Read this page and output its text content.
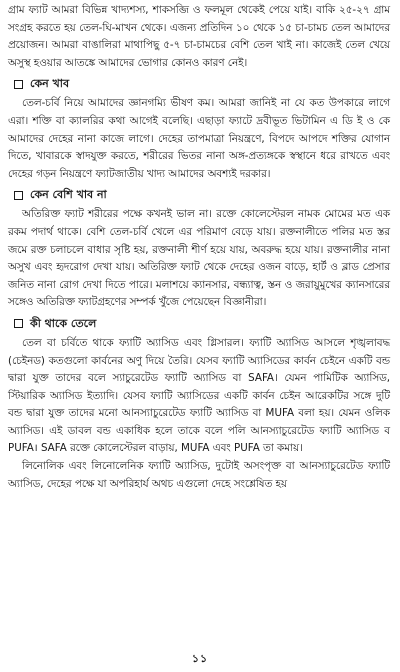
গ্রাম ফ্যাট আমরা বিভিন্ন খাদ্যশস্য, শাকসব্জি ও ফলমূল থেকেই পেয়ে যাই। বাকি ২৫-২৭ গ্রাম সংগ্রহ করতে হয় তেল-ঘি-মাখন থেকে। এজন্য প্রতিদিন ১০ থেকে ১৫ চা-চামচ তেল আমাদের প্রয়োজন। আমরা বাঙালিরা মাথাপিছু ৫-৭ চা-চামচের বেশি তেল খাই না। কাজেই তেল খেয়ে অসুস্থ হওয়ার আতঙ্কে আমাদের ভোগার কোনও কারণ নেই।

কেন খাব

তেল-চর্বি নিয়ে আমাদের জ্ঞানগম্যি ভীষণ কম। আমরা জানিই না যে কত উপকারে লাগে এরা। শক্তি বা ক্যালরির কথা আগেই বলেছি। এছাড়া ফ্যাটে দ্রবীভূত ভিটামিন এ ডি ই ও কে আমাদের দেহের নানা কাজে লাগে। দেহের তাপমাত্রা নিয়ন্ত্রণে, বিপদে আপদে শক্তির যোগান দিতে, খাবারকে স্বাদযুক্ত করতে, শরীরের ভিতর নানা অঙ্গ-প্রত্যঙ্গকে স্বস্থানে ধরে রাখতে এবং দেহের গড়ন নিয়ন্ত্রণে ফ্যাটজাতীয় খাদ্য আমাদের অবশ্যই দরকার।

কেন বেশি খাব না

অতিরিক্ত ফ্যাট শরীরের পক্ষে কখনই ভাল না। রক্তে কোলেস্টেরল নামক মোমের মত এক রকম পদার্থ থাকে। বেশি তেল-চর্বি খেলে এর পরিমাণ বেড়ে যায়। রক্তনালীতে পলির মত স্তর জমে রক্ত চলাচলে বাধার সৃষ্টি হয়, রক্তনালী শীর্ণ হয়ে যায়, অবরুদ্ধ হয়ে যায়। রক্তনালীর নানা অসুখ এবং হৃদরোগ দেখা যায়। অতিরিক্ত ফ্যাট থেকে দেহের ওজন বাড়ে, হার্ট ও ব্লাড প্রেসার জনিত নানা রোগ দেখা দিতে পারে। মলাশয়ে ক্যানসার, বন্ধ্যাত্ব, স্তন ও জরায়ুমুখের ক্যানসারের সঙ্গেও অতিরিক্ত ফ্যাটগ্রহণের সম্পর্ক খুঁজে পেয়েছেন বিজ্ঞানীরা।

কী থাকে তেলে

তেল বা চর্বিতে থাকে ফ্যাটি অ্যাসিড এবং গ্লিসারল। ফ্যাটি অ্যাসিড আসলে শৃঙ্খলাবদ্ধ (চেইনড) কতগুলো কার্বনের অণু দিয়ে তৈরি। যেসব ফ্যাটি অ্যাসিডের কার্বন চেইনে একটি বন্ড দ্বারা যুক্ত তাদের বলে স্যাচুরেটেড ফ্যাটি অ্যাসিড বা SAFA। যেমন পামিটিক অ্যাসিড, স্টিয়ারিক অ্যাসিড ইত্যাদি। যেসব ফ্যাটি অ্যাসিডের একটি কার্বন চেইন আরেকটির সঙ্গে দুটি বন্ড দ্বারা যুক্ত তাদের মনো আনস্যাচুরেটেড ফ্যাটি অ্যাসিড বা MUFA বলা হয়। যেমন ওলিক অ্যাসিড। এই ডাবল বন্ড একাধিক হলে তাকে বলে পলি আনস্যাচুরেটেড ফ্যাটি অ্যাসিড ব PUFA। SAFA রক্তে কোলেস্টেরল বাড়ায়, MUFA এবং PUFA তা কমায়।

লিনোলিক এবং লিনোলেনিক ফ্যাটি অ্যাসিড, দুটোই অসংপৃক্ত বা আনস্যাচুরেটেড ফ্যাটি অ্যাসিড, দেহের পক্ষে যা অপরিহার্য অথচ এগুলো দেহে সংশ্লেষিত হয়

১১
